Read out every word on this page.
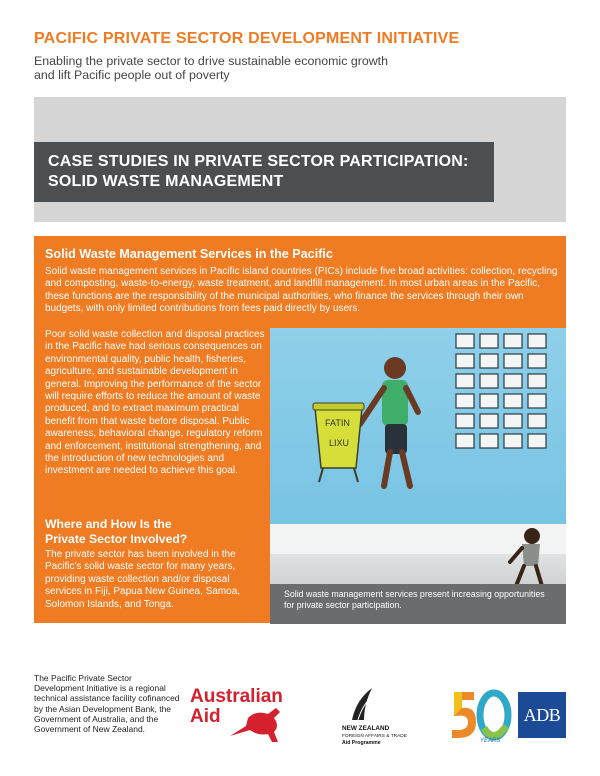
PACIFIC PRIVATE SECTOR DEVELOPMENT INITIATIVE
Enabling the private sector to drive sustainable economic growth
and lift Pacific people out of poverty
CASE STUDIES IN PRIVATE SECTOR PARTICIPATION:
SOLID WASTE MANAGEMENT
Solid Waste Management Services in the Pacific
Solid waste management services in Pacific island countries (PICs) include five broad activities: collection, recycling and composting, waste-to-energy, waste treatment, and landfill management. In most urban areas in the Pacific, these functions are the responsibility of the municipal authorities, who finance the services through their own budgets, with only limited contributions from fees paid directly by users.
Poor solid waste collection and disposal practices in the Pacific have had serious consequences on environmental quality, public health, fisheries, agriculture, and sustainable development in general. Improving the performance of the sector will require efforts to reduce the amount of waste produced, and to extract maximum practical benefit from that waste before disposal. Public awareness, behavioral change, regulatory reform and enforcement, institutional strengthening, and the introduction of new technologies and investment are needed to achieve this goal.
Where and How Is the
Private Sector Involved?
The private sector has been involved in the Pacific's solid waste sector for many years, providing waste collection and/or disposal services in Fiji, Papua New Guinea, Samoa, Solomon Islands, and Tonga.
FATIN
LIXU
Solid waste management services present increasing opportunities for private sector participation.
The Pacific Private Sector Development Initiative is a regional technical assistance facility cofinanced by the Asian Development Bank, the Government of Australia, and the Government of New Zealand.
Australian
Aid
NEW ZEALAND
FOREIGN AFFAIRS & TRADE
Aid Programme	YEARS
ADB
